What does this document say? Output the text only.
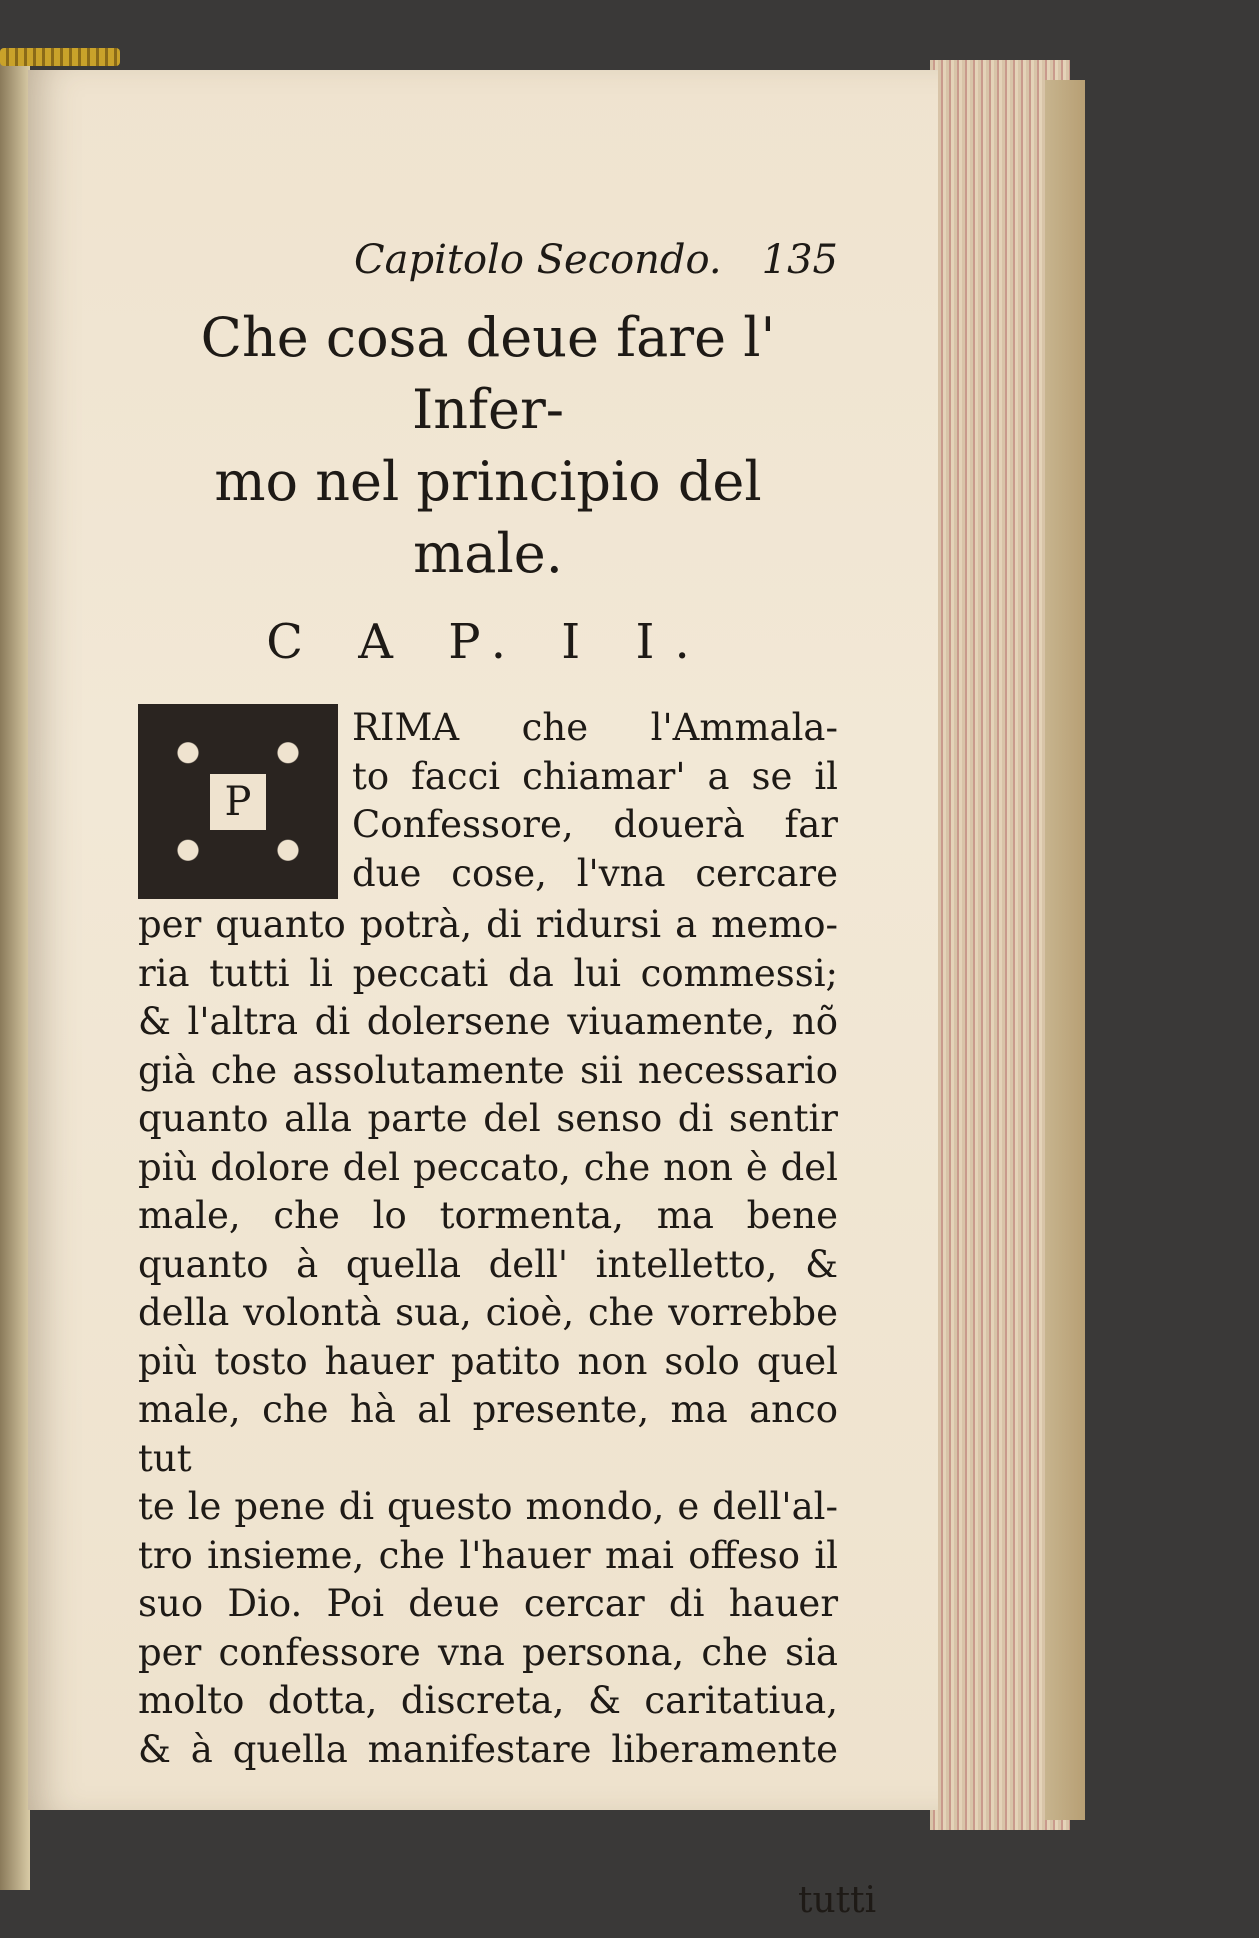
Capitolo Secondo. 135
Che cosa deue fare l' Infer-
mo nel principio del
male.
C A P. I I.
P
RIMA che l'Ammala-
to facci chiamar' a se il
Confessore, douerà far
due cose, l'vna cercare
per quanto potrà, di ridursi a memo-
ria tutti li peccati da lui commessi;
& l'altra di dolersene viuamente, nõ
già che assolutamente sii necessario
quanto alla parte del senso di sentir
più dolore del peccato, che non è del
male, che lo tormenta, ma bene
quanto à quella dell' intelletto, &
della volontà sua, cioè, che vorrebbe
più tosto hauer patito non solo quel
male, che hà al presente, ma anco tut
te le pene di questo mondo, e dell'al-
tro insieme, che l'hauer mai offeso il
suo Dio. Poi deue cercar di hauer
per confessore vna persona, che sia
molto dotta, discreta, & caritatiua,
& à quella manifestare liberamente
tutti
